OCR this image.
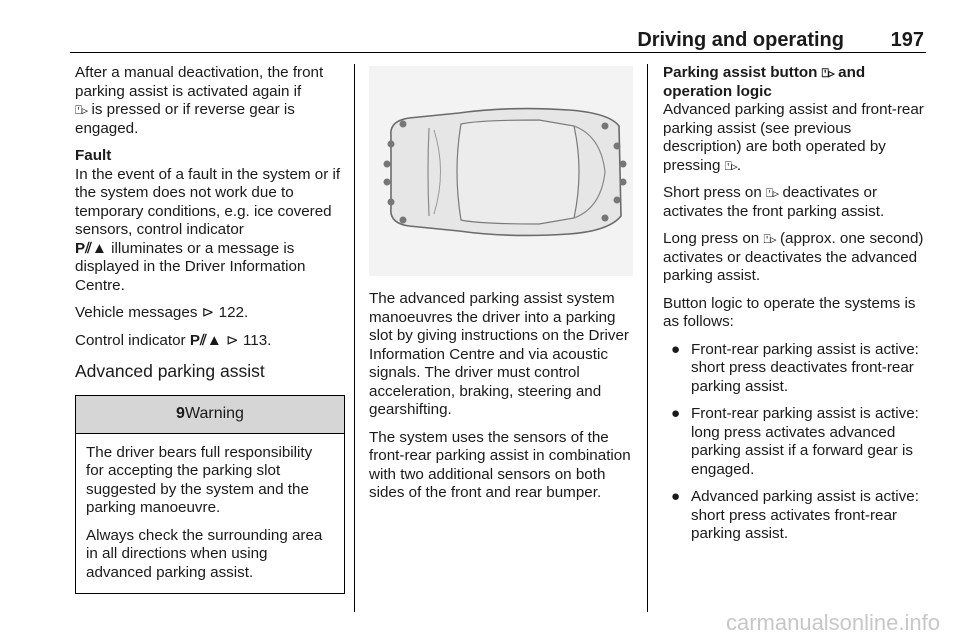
Driving and operating 197

After a manual deactivation, the front parking assist is activated again if
⍞⊳ is pressed or if reverse gear is engaged.

Fault
In the event of a fault in the system or if the system does not work due to temporary conditions, e.g. ice covered sensors, control indicator
P⫽▲ illuminates or a message is displayed in the Driver Information Centre.

Vehicle messages ⊳ 122.

Control indicator P⫽▲ ⊳ 113.

Advanced parking assist
9 Warning

The driver bears full responsibility for accepting the parking slot suggested by the system and the parking manoeuvre.

Always check the surrounding area in all directions when using advanced parking assist.

The advanced parking assist system manoeuvres the driver into a parking slot by giving instructions on the Driver Information Centre and via acoustic signals. The driver must control acceleration, braking, steering and gearshifting.

The system uses the sensors of the front-rear parking assist in combination with two additional sensors on both sides of the front and rear bumper.

Parking assist button ⍞⊳ and operation logic

Advanced parking assist and front-rear parking assist (see previous description) are both operated by pressing ⍞⊳.

Short press on ⍞⊳ deactivates or activates the front parking assist.

Long press on ⍞⊳ (approx. one second) activates or deactivates the advanced parking assist.

Button logic to operate the systems is as follows:

● Front-rear parking assist is active: short press deactivates front-rear parking assist.
● Front-rear parking assist is active: long press activates advanced parking assist if a forward gear is engaged.
● Advanced parking assist is active: short press activates front-rear parking assist.
carmanualsonline.info
